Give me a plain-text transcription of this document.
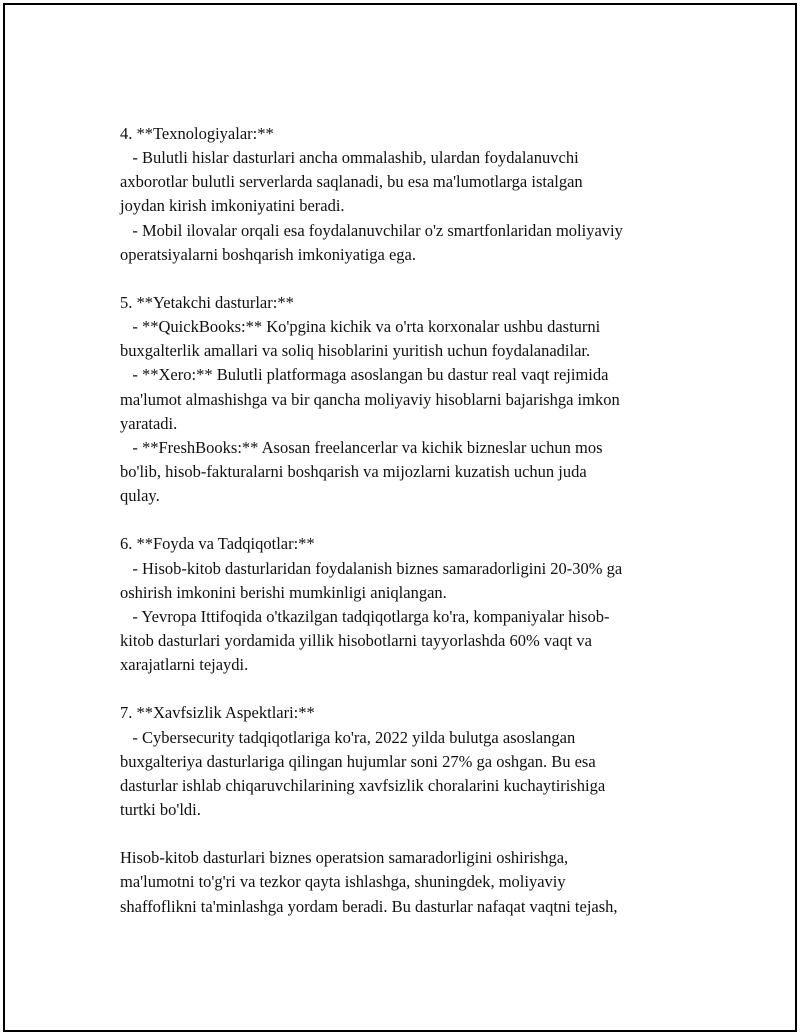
4. **Texnologiyalar:**
- Bulutli hislar dasturlari ancha ommalashib, ulardan foydalanuvchi
axborotlar bulutli serverlarda saqlanadi, bu esa ma'lumotlarga istalgan
joydan kirish imkoniyatini beradi.
- Mobil ilovalar orqali esa foydalanuvchilar o'z smartfonlaridan moliyaviy
operatsiyalarni boshqarish imkoniyatiga ega.
5. **Yetakchi dasturlar:**
- **QuickBooks:** Ko'pgina kichik va o'rta korxonalar ushbu dasturni
buxgalterlik amallari va soliq hisoblarini yuritish uchun foydalanadilar.
- **Xero:** Bulutli platformaga asoslangan bu dastur real vaqt rejimida
ma'lumot almashishga va bir qancha moliyaviy hisoblarni bajarishga imkon
yaratadi.
- **FreshBooks:** Asosan freelancerlar va kichik bizneslar uchun mos
bo'lib, hisob-fakturalarni boshqarish va mijozlarni kuzatish uchun juda
qulay.
6. **Foyda va Tadqiqotlar:**
- Hisob-kitob dasturlaridan foydalanish biznes samaradorligini 20-30% ga
oshirish imkonini berishi mumkinligi aniqlangan.
- Yevropa Ittifoqida o'tkazilgan tadqiqotlarga ko'ra, kompaniyalar hisob-
kitob dasturlari yordamida yillik hisobotlarni tayyorlashda 60% vaqt va
xarajatlarni tejaydi.
7. **Xavfsizlik Aspektlari:**
- Cybersecurity tadqiqotlariga ko'ra, 2022 yilda bulutga asoslangan
buxgalteriya dasturlariga qilingan hujumlar soni 27% ga oshgan. Bu esa
dasturlar ishlab chiqaruvchilarining xavfsizlik choralarini kuchaytirishiga
turtki bo'ldi.
Hisob-kitob dasturlari biznes operatsion samaradorligini oshirishga,
ma'lumotni to'g'ri va tezkor qayta ishlashga, shuningdek, moliyaviy
shaffoflikni ta'minlashga yordam beradi. Bu dasturlar nafaqat vaqtni tejash,
